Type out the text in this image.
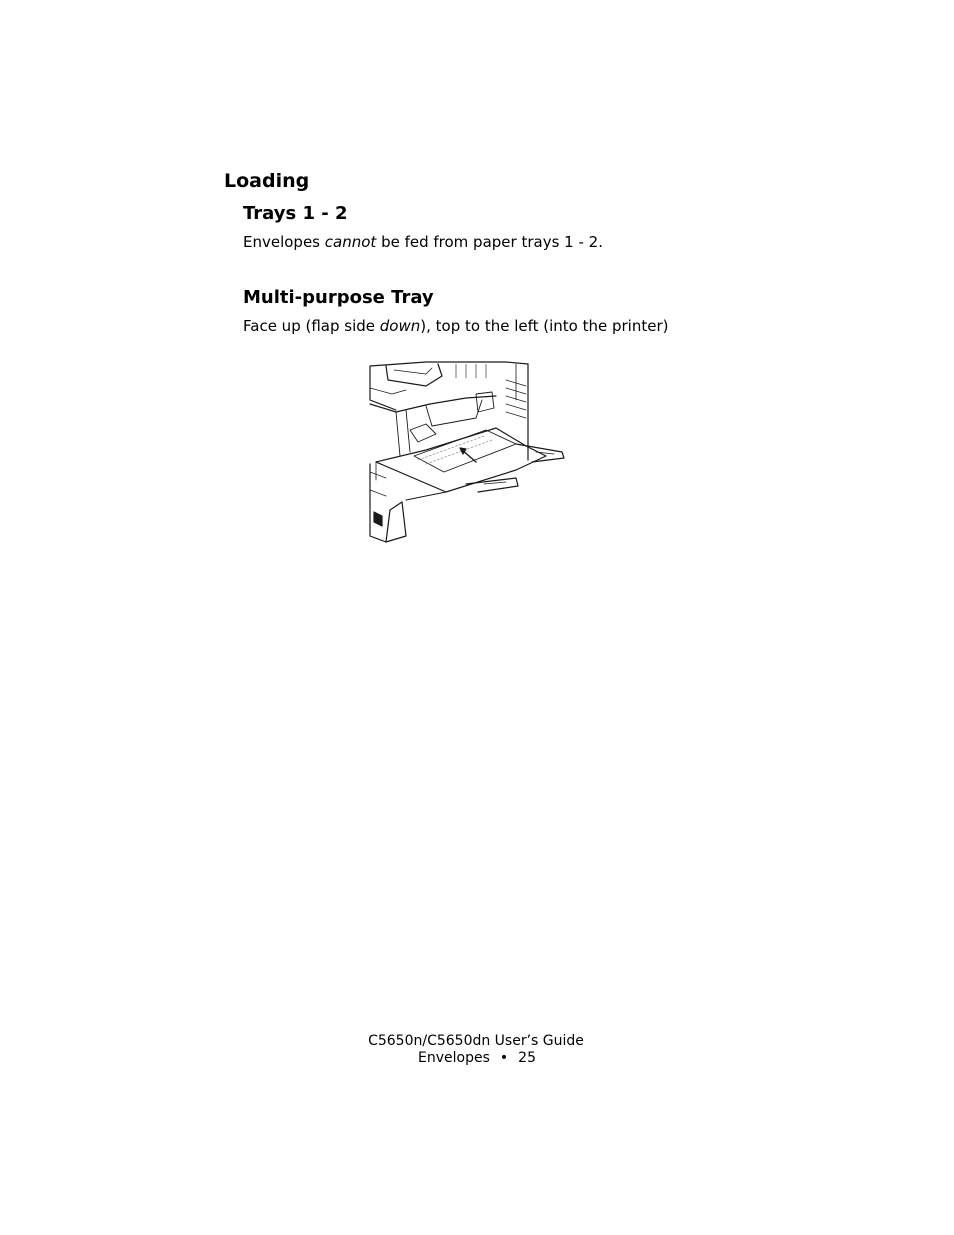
Loading
Trays 1 - 2

Envelopes cannot be fed from paper trays 1 - 2.

Multi-purpose Tray

Face up (flap side down), top to the left (into the printer)

C5650n/C5650dn User’s Guide

Envelopes • 25
